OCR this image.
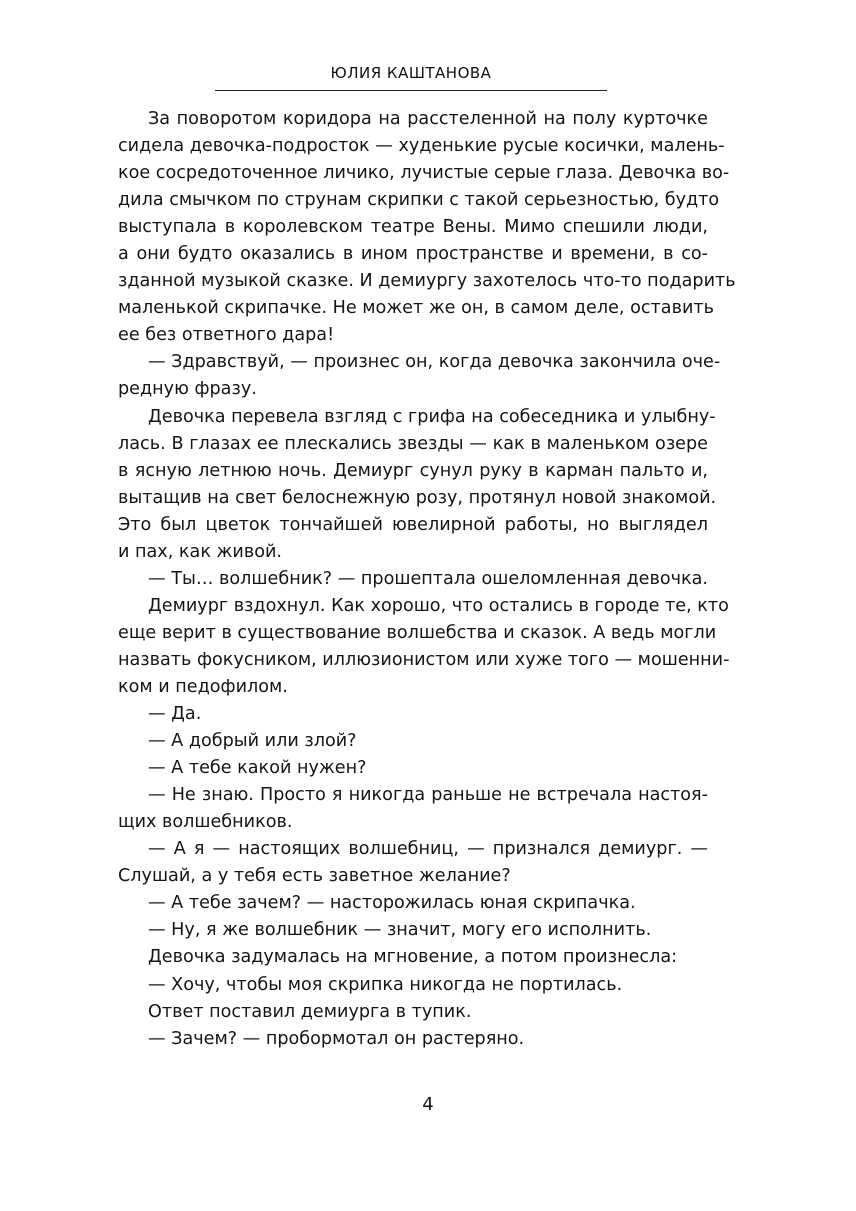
ЮЛИЯ КАШТАНОВА
За поворотом коридора на расстеленной на полу курточке
сидела девочка-подросток — худенькие русые косички, малень-
кое сосредоточенное личико, лучистые серые глаза. Девочка во-
дила смычком по струнам скрипки с такой серьезностью, будто
выступала в королевском театре Вены. Мимо спешили люди,
а они будто оказались в ином пространстве и времени, в со-
зданной музыкой сказке. И демиургу захотелось что-то подарить
маленькой скрипачке. Не может же он, в самом деле, оставить
ее без ответного дара!
— Здравствуй, — произнес он, когда девочка закончила оче-
редную фразу.
Девочка перевела взгляд с грифа на собеседника и улыбну-
лась. В глазах ее плескались звезды — как в маленьком озере
в ясную летнюю ночь. Демиург сунул руку в карман пальто и,
вытащив на свет белоснежную розу, протянул новой знакомой.
Это был цветок тончайшей ювелирной работы, но выглядел
и пах, как живой.
— Ты… волшебник? — прошептала ошеломленная девочка.
Демиург вздохнул. Как хорошо, что остались в городе те, кто
еще верит в существование волшебства и сказок. А ведь могли
назвать фокусником, иллюзионистом или хуже того — мошенни-
ком и педофилом.
— Да.
— А добрый или злой?
— А тебе какой нужен?
— Не знаю. Просто я никогда раньше не встречала настоя-
щих волшебников.
— А я — настоящих волшебниц, — признался демиург. —
Слушай, а у тебя есть заветное желание?
— А тебе зачем? — насторожилась юная скрипачка.
— Ну, я же волшебник — значит, могу его исполнить.
Девочка задумалась на мгновение, а потом произнесла:
— Хочу, чтобы моя скрипка никогда не портилась.
Ответ поставил демиурга в тупик.
— Зачем? — пробормотал он растеряно.
4
